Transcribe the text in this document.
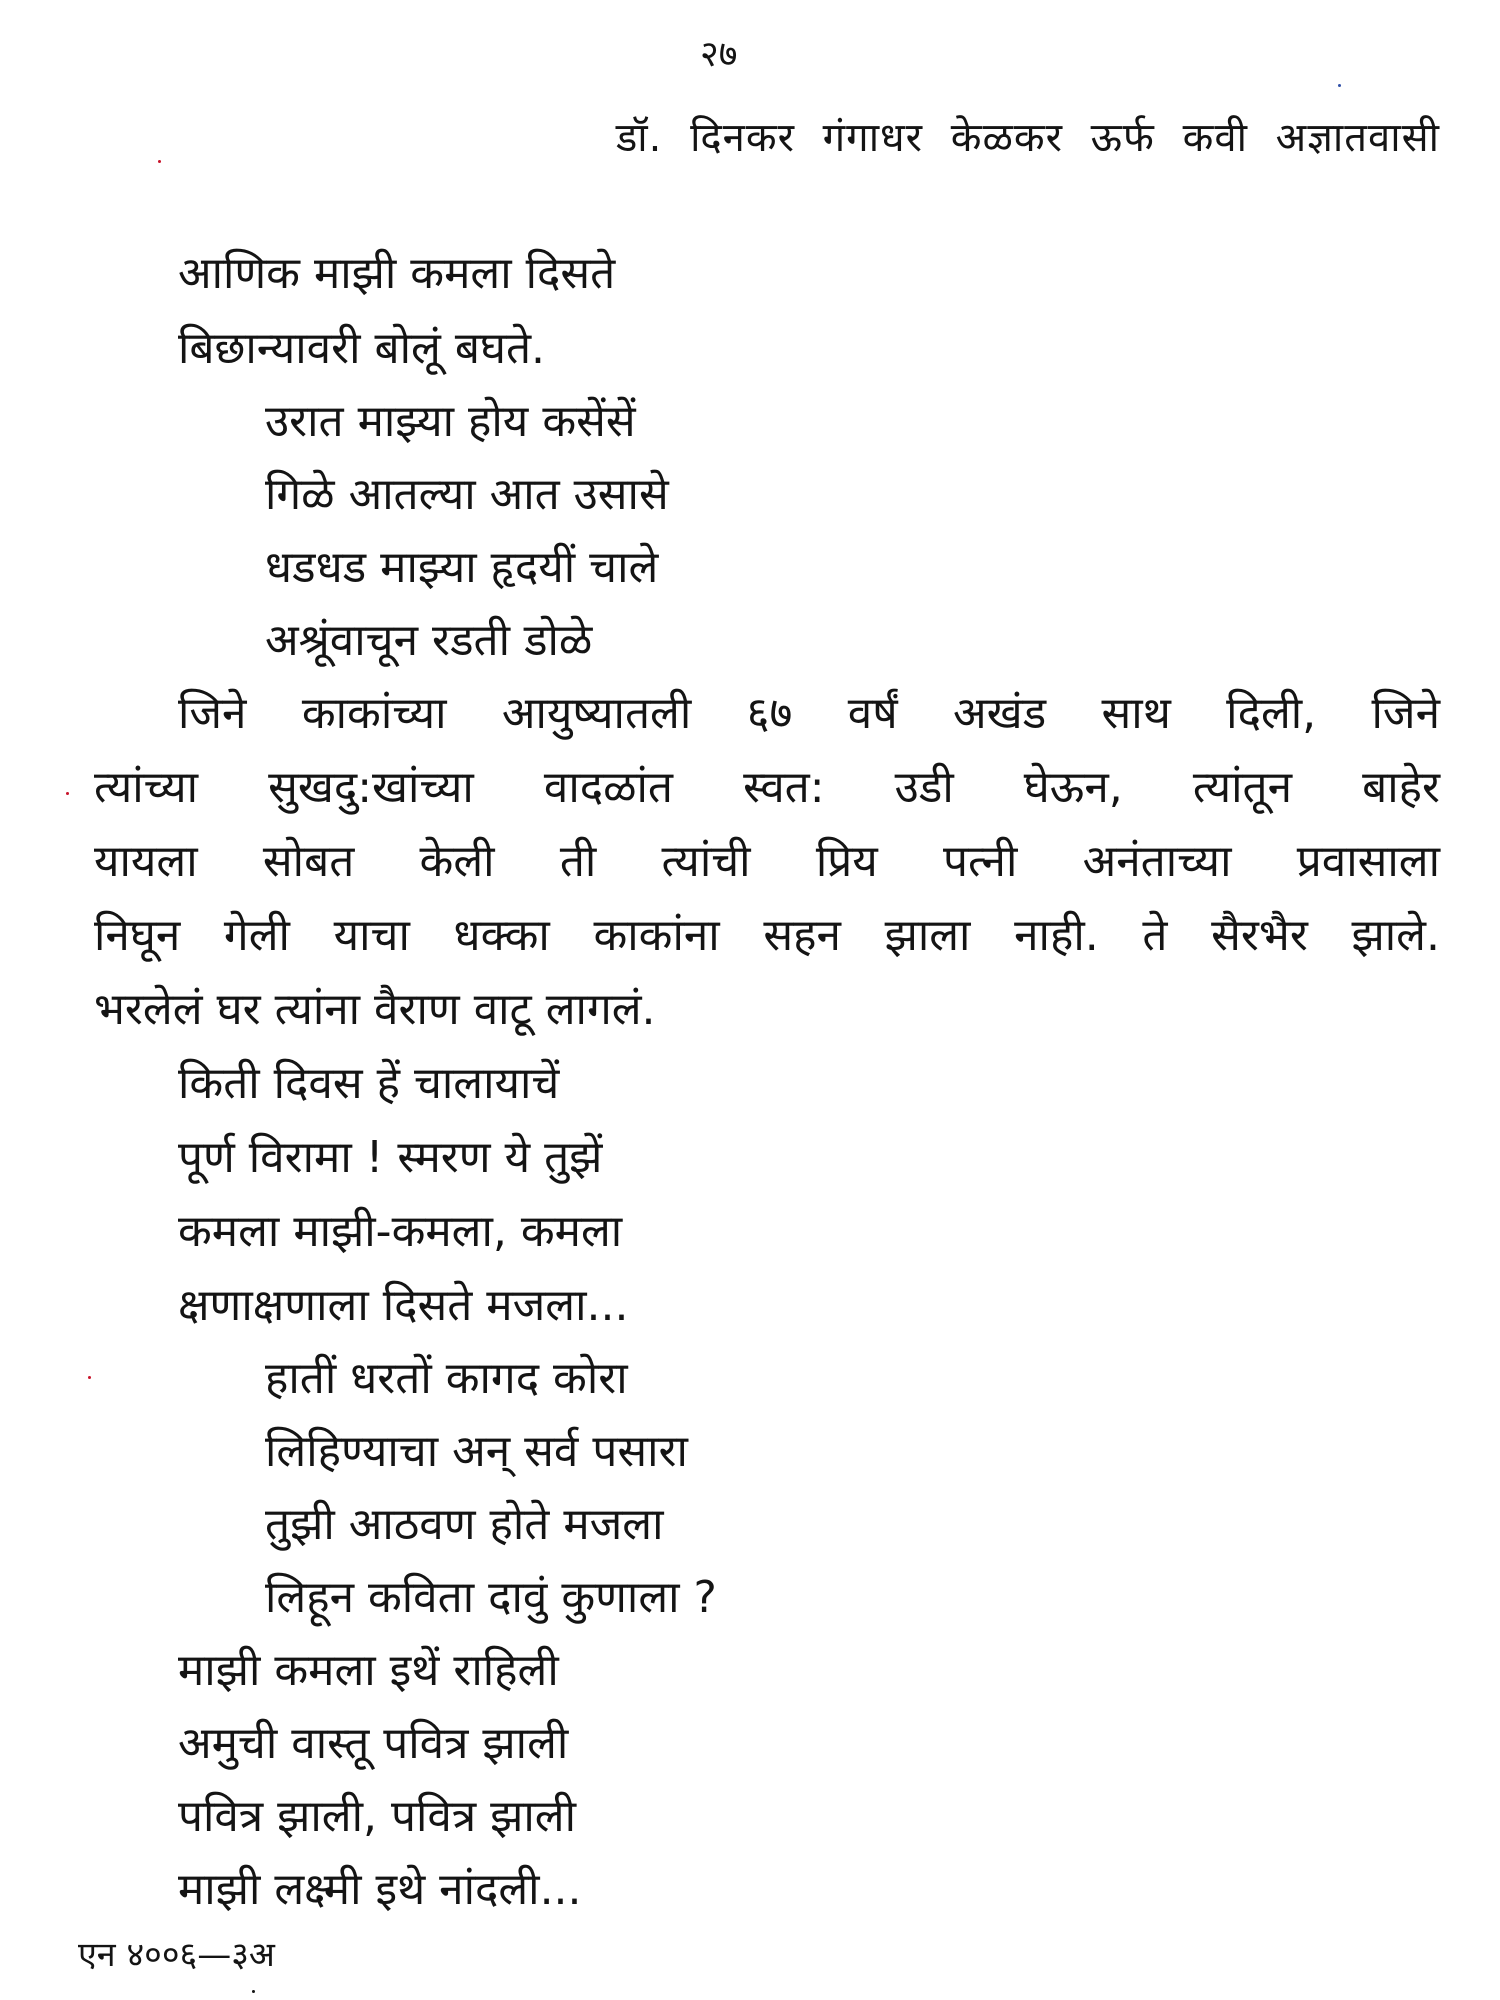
२७
डॉ. दिनकर गंगाधर केळकर ऊर्फ कवी अज्ञातवासी
आणिक माझी कमला दिसते
बिछान्यावरी बोलूं बघते.
उरात माझ्या होय कसेंसें
गिळे आतल्या आत उसासे
धडधड माझ्या हृदयीं चाले
अश्रूंवाचून रडती डोळे
जिने काकांच्या आयुष्यातली ६७ वर्षं अखंड साथ दिली, जिने
त्यांच्या सुखदु:खांच्या वादळांत स्वत: उडी घेऊन, त्यांतून बाहेर
यायला सोबत केली ती त्यांची प्रिय पत्नी अनंताच्या प्रवासाला
निघून गेली याचा धक्का काकांना सहन झाला नाही. ते सैरभैर झाले.
भरलेलं घर त्यांना वैराण वाटू लागलं.
किती दिवस हें चालायाचें
पूर्ण विरामा ! स्मरण ये तुझें
कमला माझी-कमला, कमला
क्षणाक्षणाला दिसते मजला...
हातीं धरतों कागद कोरा
लिहिण्याचा अन् सर्व पसारा
तुझी आठवण होते मजला
लिहून कविता दावुं कुणाला ?
माझी कमला इथें राहिली
अमुची वास्तू पवित्र झाली
पवित्र झाली, पवित्र झाली
माझी लक्ष्मी इथे नांदली...
एन ४००६—३अ
